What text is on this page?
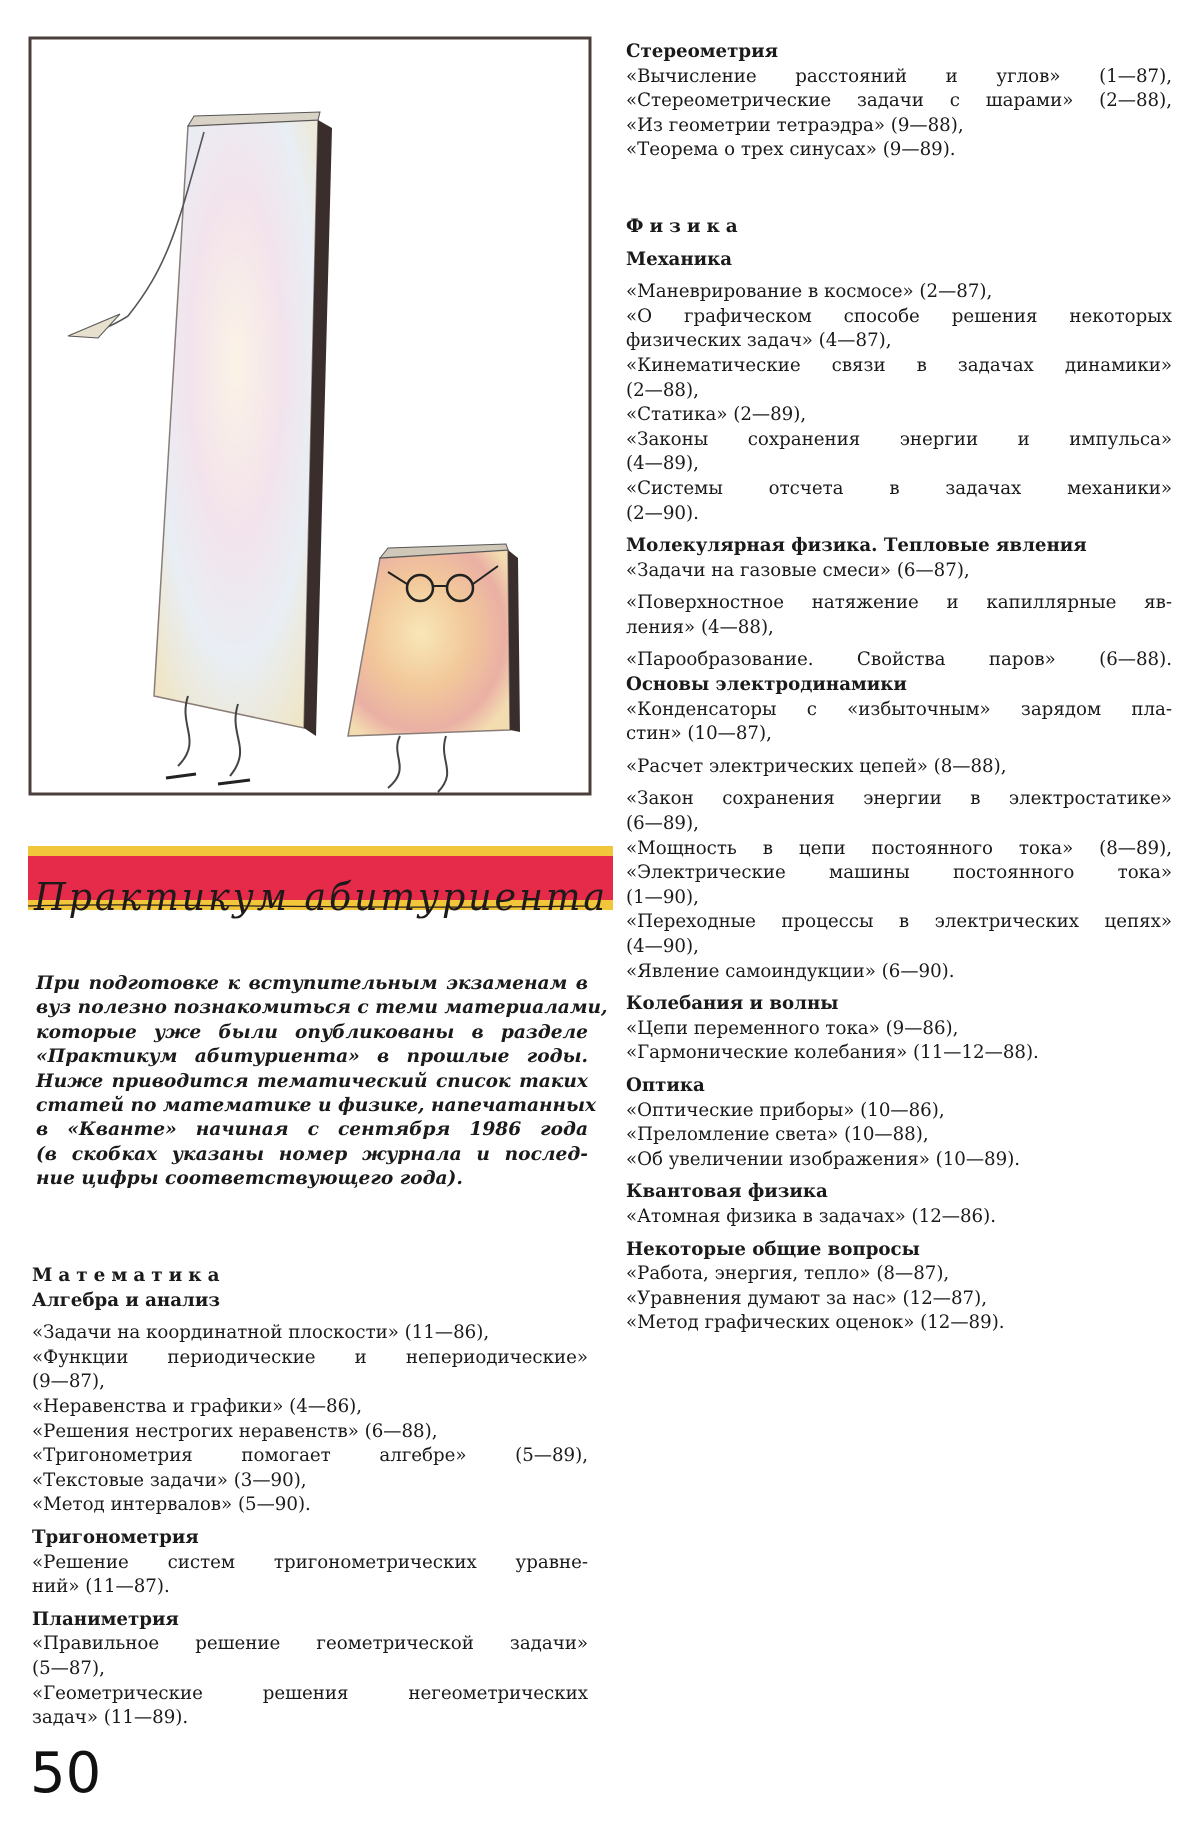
Практикум абитуриента
При подготовке к вступительным экзаменам в
вуз полезно познакомиться с теми материалами,
которые уже были опубликованы в разделе
«Практикум абитуриента» в прошлые годы.
Ниже приводится тематический список таких
статей по математике и физике, напечатанных
в «Кванте» начиная с сентября 1986 года
(в скобках указаны номер журнала и послед-
ние цифры соответствующего года).

Математика

Алгебра и анализ

«Задачи на координатной плоскости» (11—86),

«Функции периодические и непериодические»

(9—87),

«Неравенства и графики» (4—86),

«Решения нестрогих неравенств» (6—88),

«Тригонометрия помогает алгебре» (5—89),

«Текстовые задачи» (3—90),

«Метод интервалов» (5—90).

Тригонометрия

«Решение систем тригонометрических уравне-

ний» (11—87).

Планиметрия

«Правильное решение геометрической задачи»

(5—87),

«Геометрические решения негеометрических

задач» (11—89).

Стереометрия

«Вычисление расстояний и углов» (1—87),

«Стереометрические задачи с шарами» (2—88),

«Из геометрии тетраэдра» (9—88),

«Теорема о трех синусах» (9—89).

Физика

Механика

«Маневрирование в космосе» (2—87),

«О графическом способе решения некоторых

физических задач» (4—87),

«Кинематические связи в задачах динамики»

(2—88),

«Статика» (2—89),

«Законы сохранения энергии и импульса»

(4—89),

«Системы отсчета в задачах механики»

(2—90).

Молекулярная физика. Тепловые явления

«Задачи на газовые смеси» (6—87),

«Поверхностное натяжение и капиллярные яв-

ления» (4—88),

«Парообразование. Свойства паров» (6—88).

Основы электродинамики

«Конденсаторы с «избыточным» зарядом пла-

стин» (10—87),

«Расчет электрических цепей» (8—88),

«Закон сохранения энергии в электростатике»

(6—89),

«Мощность в цепи постоянного тока» (8—89),

«Электрические машины постоянного тока»

(1—90),

«Переходные процессы в электрических цепях»

(4—90),

«Явление самоиндукции» (6—90).

Колебания и волны

«Цепи переменного тока» (9—86),

«Гармонические колебания» (11—12—88).

Оптика

«Оптические приборы» (10—86),

«Преломление света» (10—88),

«Об увеличении изображения» (10—89).

Квантовая физика

«Атомная физика в задачах» (12—86).

Некоторые общие вопросы

«Работа, энергия, тепло» (8—87),

«Уравнения думают за нас» (12—87),

«Метод графических оценок» (12—89).

50
